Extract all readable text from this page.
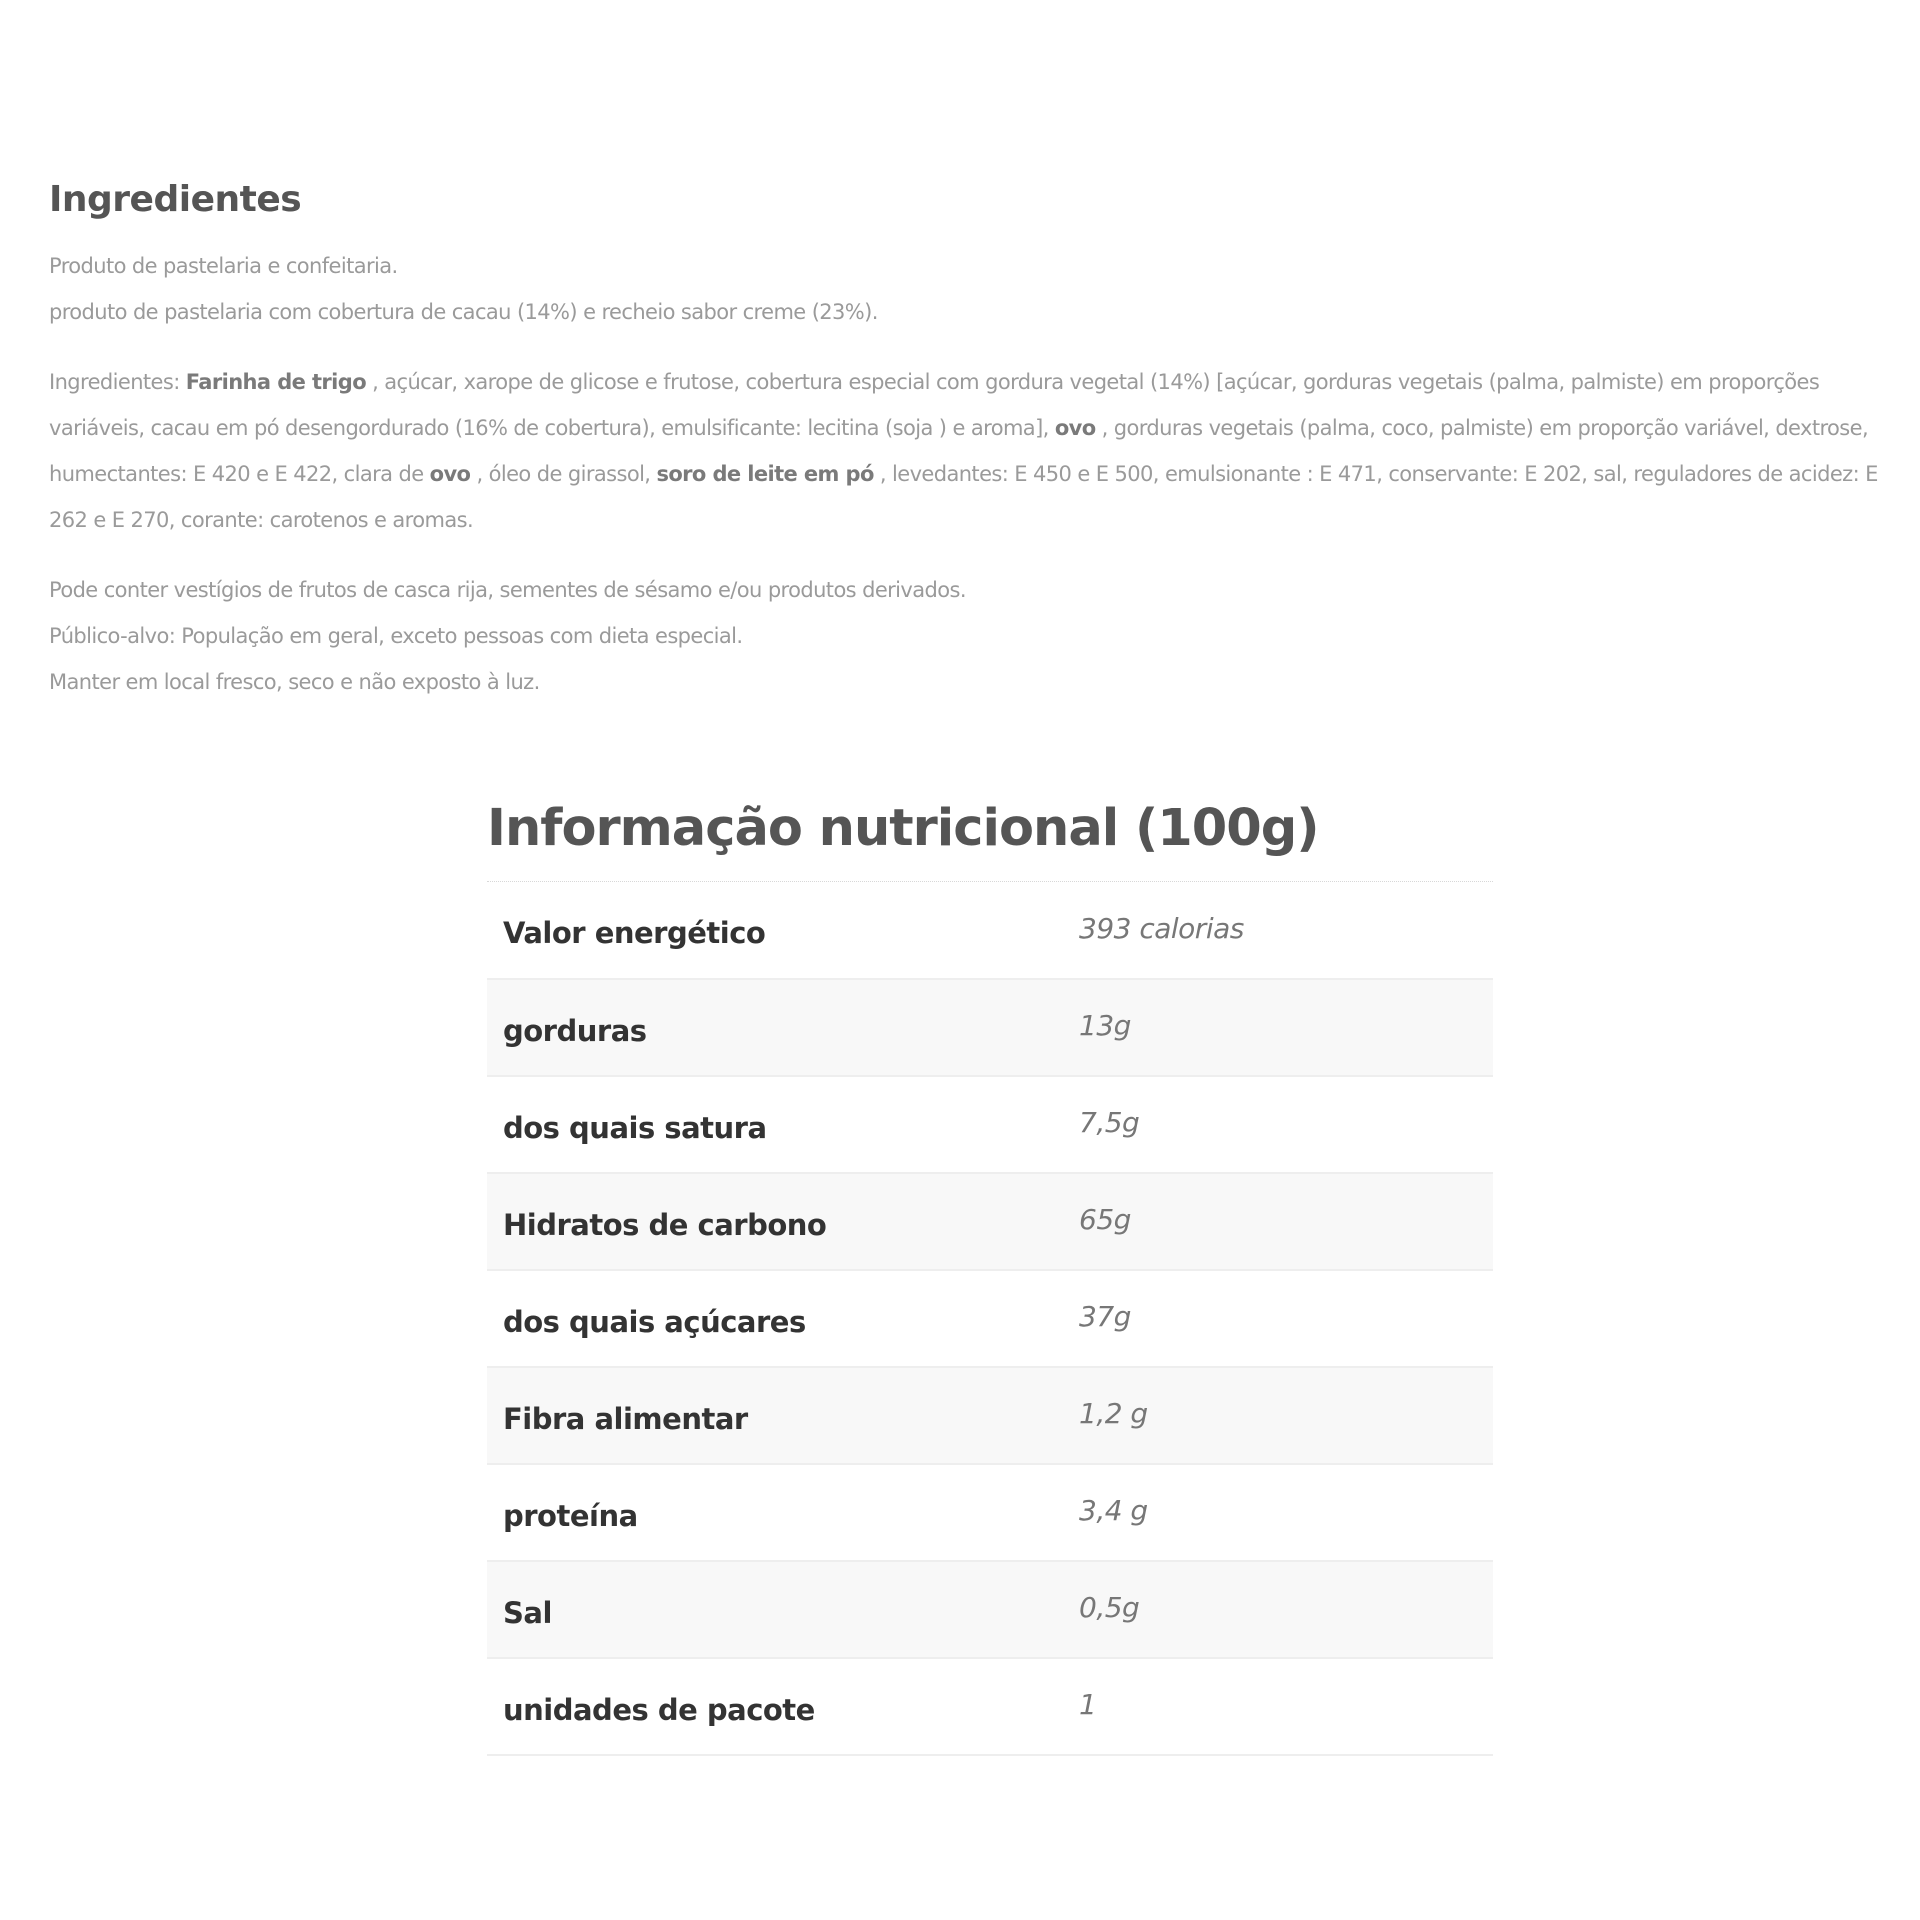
Ingredientes

Produto de pastelaria e confeitaria.

produto de pastelaria com cobertura de cacau (14%) e recheio sabor creme (23%).

Ingredientes: Farinha de trigo , açúcar, xarope de glicose e frutose, cobertura especial com gordura vegetal (14%) [açúcar, gorduras vegetais (palma, palmiste) em proporções variáveis, cacau em pó desengordurado (16% de cobertura), emulsificante: lecitina (soja ) e aroma], ovo , gorduras vegetais (palma, coco, palmiste) em proporção variável, dextrose, humectantes: E 420 e E 422, clara de ovo , óleo de girassol, soro de leite em pó , levedantes: E 450 e E 500, emulsionante : E 471, conservante: E 202, sal, reguladores de acidez: E 262 e E 270, corante: carotenos e aromas.

Pode conter vestígios de frutos de casca rija, sementes de sésamo e/ou produtos derivados.

Público-alvo: População em geral, exceto pessoas com dieta especial.

Manter em local fresco, seco e não exposto à luz.

Informação nutricional (100g)
Valor energético	393 calorias
gorduras	13g
dos quais satura	7,5g
Hidratos de carbono	65g
dos quais açúcares	37g
Fibra alimentar	1,2 g
proteína	3,4 g
Sal	0,5g
unidades de pacote	1
